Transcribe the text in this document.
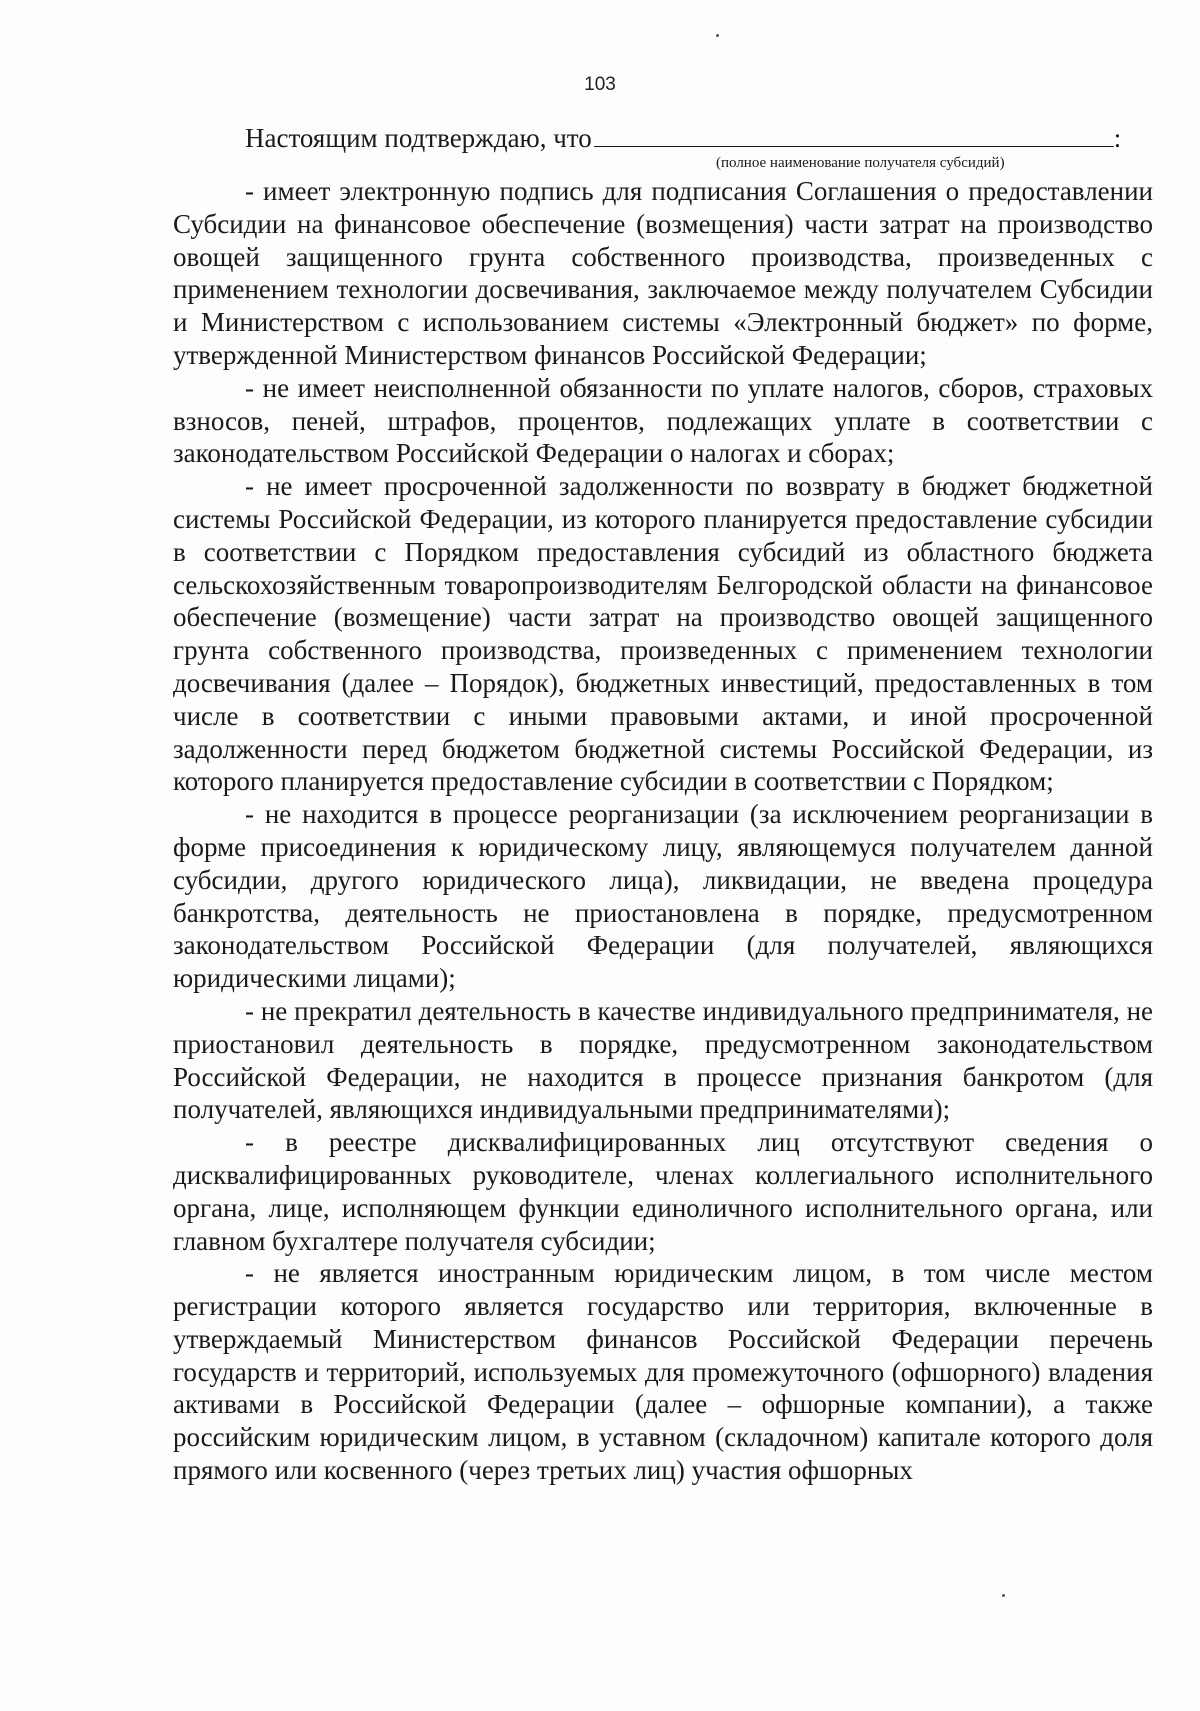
103
Настоящим подтверждаю, что	:
(полное наименование получателя субсидий)

- имеет электронную подпись для подписания Соглашения о предоставлении Субсидии на финансовое обеспечение (возмещения) части затрат на производство овощей защищенного грунта собственного производства, произведенных с применением технологии досвечивания, заключаемое между получателем Субсидии и Министерством с использованием системы «Электронный бюджет» по форме, утвержденной Министерством финансов Российской Федерации;

- не имеет неисполненной обязанности по уплате налогов, сборов, страховых взносов, пеней, штрафов, процентов, подлежащих уплате в соответствии с законодательством Российской Федерации о налогах и сборах;

- не имеет просроченной задолженности по возврату в бюджет бюджетной системы Российской Федерации, из которого планируется предоставление субсидии в соответствии с Порядком предоставления субсидий из областного бюджета сельскохозяйственным товаропроизводителям Белгородской области на финансовое обеспечение (возмещение) части затрат на производство овощей защищенного грунта собственного производства, произведенных с применением технологии досвечивания (далее – Порядок), бюджетных инвестиций, предоставленных в том числе в соответствии с иными правовыми актами, и иной просроченной задолженности перед бюджетом бюджетной системы Российской Федерации, из которого планируется предоставление субсидии в соответствии с Порядком;

- не находится в процессе реорганизации (за исключением реорганизации в форме присоединения к юридическому лицу, являющемуся получателем данной субсидии, другого юридического лица), ликвидации, не введена процедура банкротства, деятельность не приостановлена в порядке, предусмотренном законодательством Российской Федерации (для получателей, являющихся юридическими лицами);

- не прекратил деятельность в качестве индивидуального предпринимателя, не приостановил деятельность в порядке, предусмотренном законодательством Российской Федерации, не находится в процессе признания банкротом (для получателей, являющихся индивидуальными предпринимателями);

- в реестре дисквалифицированных лиц отсутствуют сведения о дисквалифицированных руководителе, членах коллегиального исполнительного органа, лице, исполняющем функции единоличного исполнительного органа, или главном бухгалтере получателя субсидии;

- не является иностранным юридическим лицом, в том числе местом регистрации которого является государство или территория, включенные в утверждаемый Министерством финансов Российской Федерации перечень государств и территорий, используемых для промежуточного (офшорного) владения активами в Российской Федерации (далее – офшорные компании), а также российским юридическим лицом, в уставном (складочном) капитале которого доля прямого или косвенного (через третьих лиц) участия офшорных
